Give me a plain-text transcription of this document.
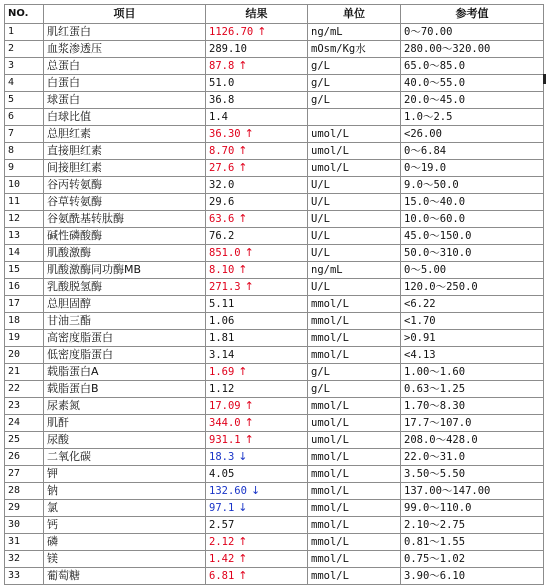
NO.	项目	结果	单位	参考值
1	肌红蛋白	1126.70 ↑	ng/mL	0～70.00
2	血浆渗透压	289.10	mOsm/Kg水	280.00～320.00
3	总蛋白	87.8 ↑	g/L	65.0～85.0
4	白蛋白	51.0	g/L	40.0～55.0
5	球蛋白	36.8	g/L	20.0～45.0
6	白球比值	1.4		1.0～2.5
7	总胆红素	36.30 ↑	umol/L	<26.00
8	直接胆红素	8.70 ↑	umol/L	0～6.84
9	间接胆红素	27.6 ↑	umol/L	0～19.0
10	谷丙转氨酶	32.0	U/L	9.0～50.0
11	谷草转氨酶	29.6	U/L	15.0～40.0
12	谷氨酰基转肽酶	63.6 ↑	U/L	10.0～60.0
13	碱性磷酸酶	76.2	U/L	45.0～150.0
14	肌酸激酶	851.0 ↑	U/L	50.0～310.0
15	肌酸激酶同功酶MB	8.10 ↑	ng/mL	0～5.00
16	乳酸脱氢酶	271.3 ↑	U/L	120.0～250.0
17	总胆固醇	5.11	mmol/L	<6.22
18	甘油三酯	1.06	mmol/L	<1.70
19	高密度脂蛋白	1.81	mmol/L	>0.91
20	低密度脂蛋白	3.14	mmol/L	<4.13
21	载脂蛋白A	1.69 ↑	g/L	1.00～1.60
22	载脂蛋白B	1.12	g/L	0.63～1.25
23	尿素氮	17.09 ↑	mmol/L	1.70～8.30
24	肌酐	344.0 ↑	umol/L	17.7～107.0
25	尿酸	931.1 ↑	umol/L	208.0～428.0
26	二氧化碳	18.3 ↓	mmol/L	22.0～31.0
27	钾	4.05	mmol/L	3.50～5.50
28	钠	132.60 ↓	mmol/L	137.00～147.00
29	氯	97.1 ↓	mmol/L	99.0～110.0
30	钙	2.57	mmol/L	2.10～2.75
31	磷	2.12 ↑	mmol/L	0.81～1.55
32	镁	1.42 ↑	mmol/L	0.75～1.02
33	葡萄糖	6.81 ↑	mmol/L	3.90～6.10
